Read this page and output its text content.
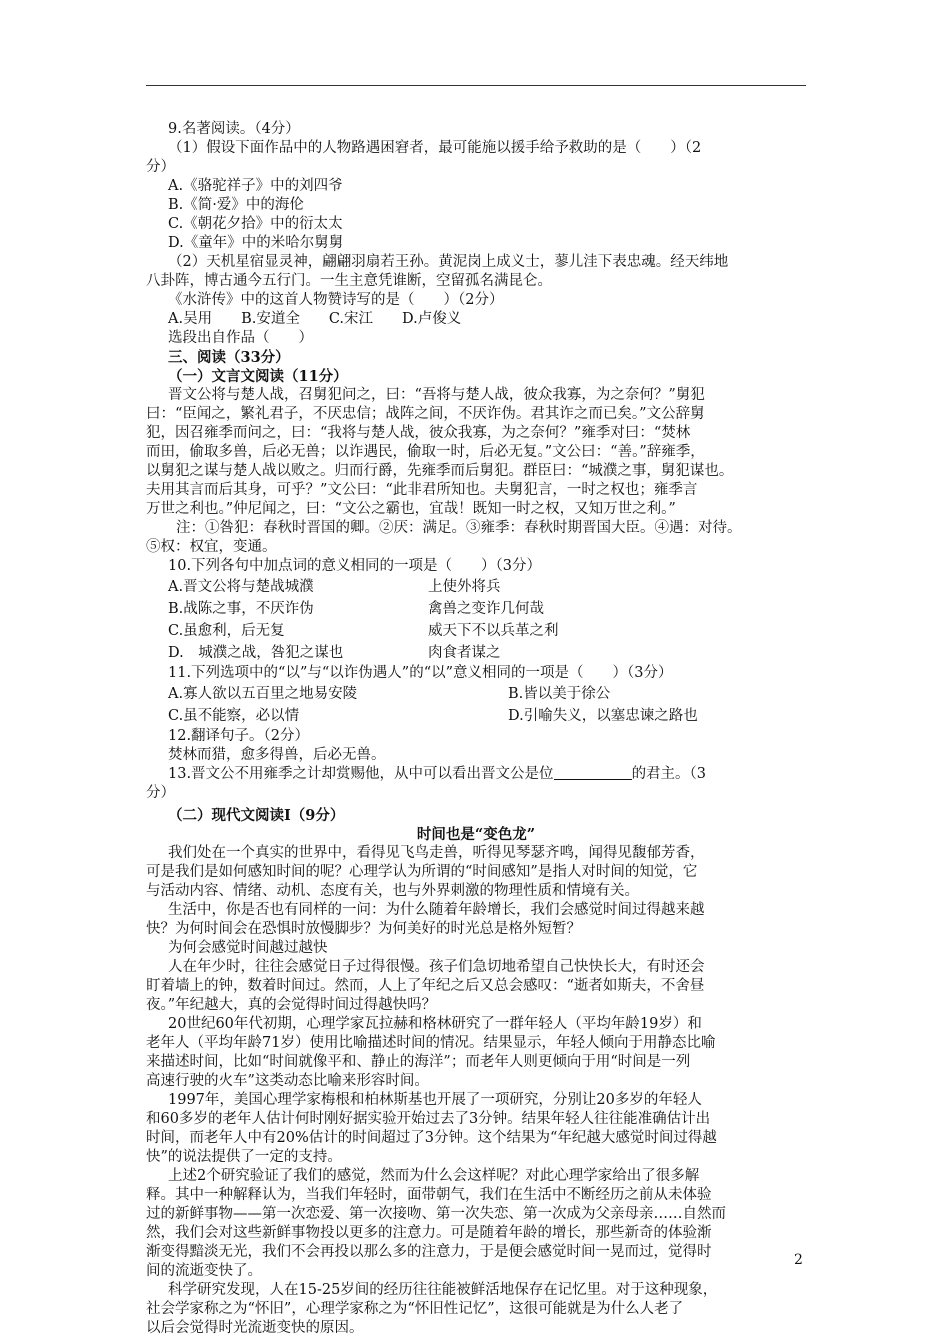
9.名著阅读。（4分）
（1）假设下面作品中的人物路遇困窘者，最可能施以援手给予救助的是（　　）（2
分）
A.《骆驼祥子》中的刘四爷
B.《简·爱》中的海伦
C.《朝花夕拾》中的衍太太
D.《童年》中的米哈尔舅舅
（2）天机星宿显灵神，翩翩羽扇若王孙。黄泥岗上成义士，蓼儿洼下表忠魂。经天纬地
八卦阵，博古通今五行门。一生主意凭谁断，空留孤名满昆仑。
《水浒传》中的这首人物赞诗写的是（　　）（2分）
A.吴用　　B.安道全　　C.宋江　　D.卢俊义
选段出自作品（　　）
三、阅读（33分）
（一）文言文阅读（11分）
晋文公将与楚人战，召舅犯问之，曰：“吾将与楚人战，彼众我寡，为之奈何？”舅犯
曰：“臣闻之，繁礼君子，不厌忠信；战阵之间，不厌诈伪。君其诈之而已矣。”文公辞舅
犯，因召雍季而问之，曰：“我将与楚人战，彼众我寡，为之奈何？”雍季对曰：“焚林
而田，偷取多兽，后必无兽；以诈遇民，偷取一时，后必无复。”文公曰：“善。”辞雍季，
以舅犯之谋与楚人战以败之。归而行爵，先雍季而后舅犯。群臣曰：“城濮之事，舅犯谋也。
夫用其言而后其身，可乎？”文公曰：“此非君所知也。夫舅犯言，一时之权也；雍季言
万世之利也。”仲尼闻之，曰：“文公之霸也，宜哉！既知一时之权，又知万世之利。”
注：①咎犯：春秋时晋国的卿。②厌：满足。③雍季：春秋时期晋国大臣。④遇：对待。
⑤权：权宜，变通。
10.下列各句中加点词的意义相同的一项是（　　）（3分）
A.晋文公将与楚战城濮	上使外将兵
B.战陈之事，不厌诈伪	禽兽之变诈几何哉
C.虽愈利，后无复	威天下不以兵革之利
D.　城濮之战，咎犯之谋也	肉食者谋之
11.下列选项中的“以”与“以诈伪遇人”的“以”意义相同的一项是（　　）（3分）
A.寡人欲以五百里之地易安陵	B.皆以美于徐公
C.虽不能察，必以情	D.引喻失义，以塞忠谏之路也
12.翻译句子。（2分）
焚林而猎，愈多得兽，后必无兽。
13.晋文公不用雍季之计却赏赐他，从中可以看出晋文公是位	的君主。（3
分）
（二）现代文阅读Ⅰ（9分）
时间也是“变色龙”
我们处在一个真实的世界中，看得见飞鸟走兽，听得见琴瑟齐鸣，闻得见馥郁芳香，
可是我们是如何感知时间的呢？心理学认为所谓的“时间感知”是指人对时间的知觉，它
与活动内容、情绪、动机、态度有关，也与外界刺激的物理性质和情境有关。
生活中，你是否也有同样的一问：为什么随着年龄增长，我们会感觉时间过得越来越
快？为何时间会在恐惧时放慢脚步？为何美好的时光总是格外短暂？
为何会感觉时间越过越快
人在年少时，往往会感觉日子过得很慢。孩子们急切地希望自己快快长大，有时还会
盯着墙上的钟，数着时间过。然而，人上了年纪之后又总会感叹：“逝者如斯夫，不舍昼
夜。”年纪越大，真的会觉得时间过得越快吗？
20世纪60年代初期，心理学家瓦拉赫和格林研究了一群年轻人（平均年龄19岁）和
老年人（平均年龄71岁）使用比喻描述时间的情况。结果显示，年轻人倾向于用静态比喻
来描述时间，比如“时间就像平和、静止的海洋”；而老年人则更倾向于用“时间是一列
高速行驶的火车”这类动态比喻来形容时间。
1997年，美国心理学家梅根和柏林斯基也开展了一项研究，分别让20多岁的年轻人
和60多岁的老年人估计何时刚好据实验开始过去了3分钟。结果年轻人往往能准确估计出
时间，而老年人中有20%估计的时间超过了3分钟。这个结果为“年纪越大感觉时间过得越
快”的说法提供了一定的支持。
上述2个研究验证了我们的感觉，然而为什么会这样呢？对此心理学家给出了很多解
释。其中一种解释认为，当我们年轻时，面带朝气，我们在生活中不断经历之前从未体验
过的新鲜事物——第一次恋爱、第一次接吻、第一次失恋、第一次成为父亲母亲……自然而
然，我们会对这些新鲜事物投以更多的注意力。可是随着年龄的增长，那些新奇的体验渐
渐变得黯淡无光，我们不会再投以那么多的注意力，于是便会感觉时间一晃而过，觉得时
间的流逝变快了。
科学研究发现，人在15-25岁间的经历往往能被鲜活地保存在记忆里。对于这种现象，
社会学家称之为“怀旧”，心理学家称之为“怀旧性记忆”，这很可能就是为什么人老了
以后会觉得时光流逝变快的原因。
2
